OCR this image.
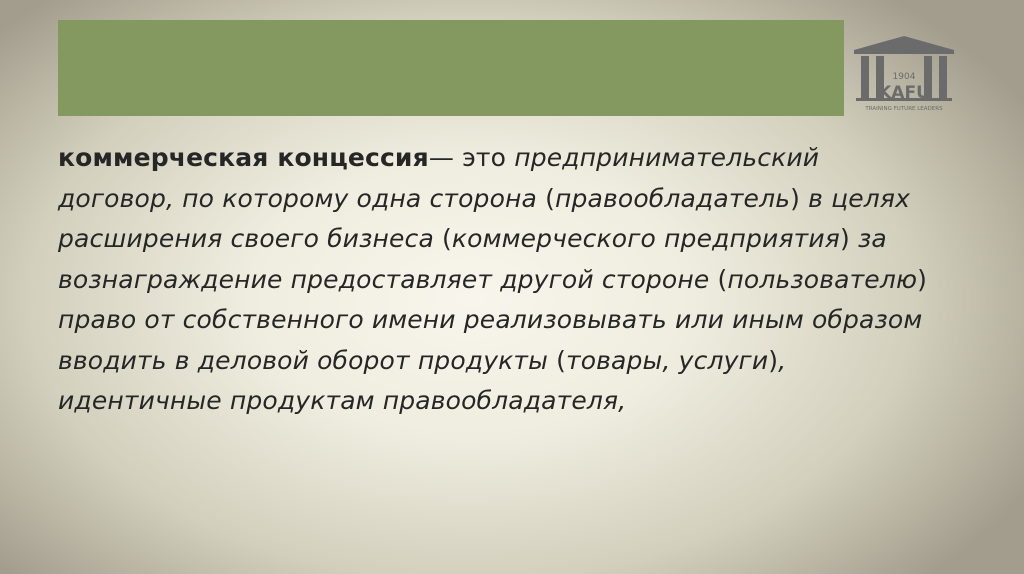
1904
KAFU
TRAINING FUTURE LEADERS

коммерческая концессия— это предпринимательский договор, по которому одна сторона (правообладатель) в целях расширения своего бизнеса (коммерческого предприятия) за вознаграждение предоставляет другой стороне (пользователю) право от собственного имени реализовывать или иным образом вводить в деловой оборот продукты (товары, услуги), идентичные продуктам правообладателя,
